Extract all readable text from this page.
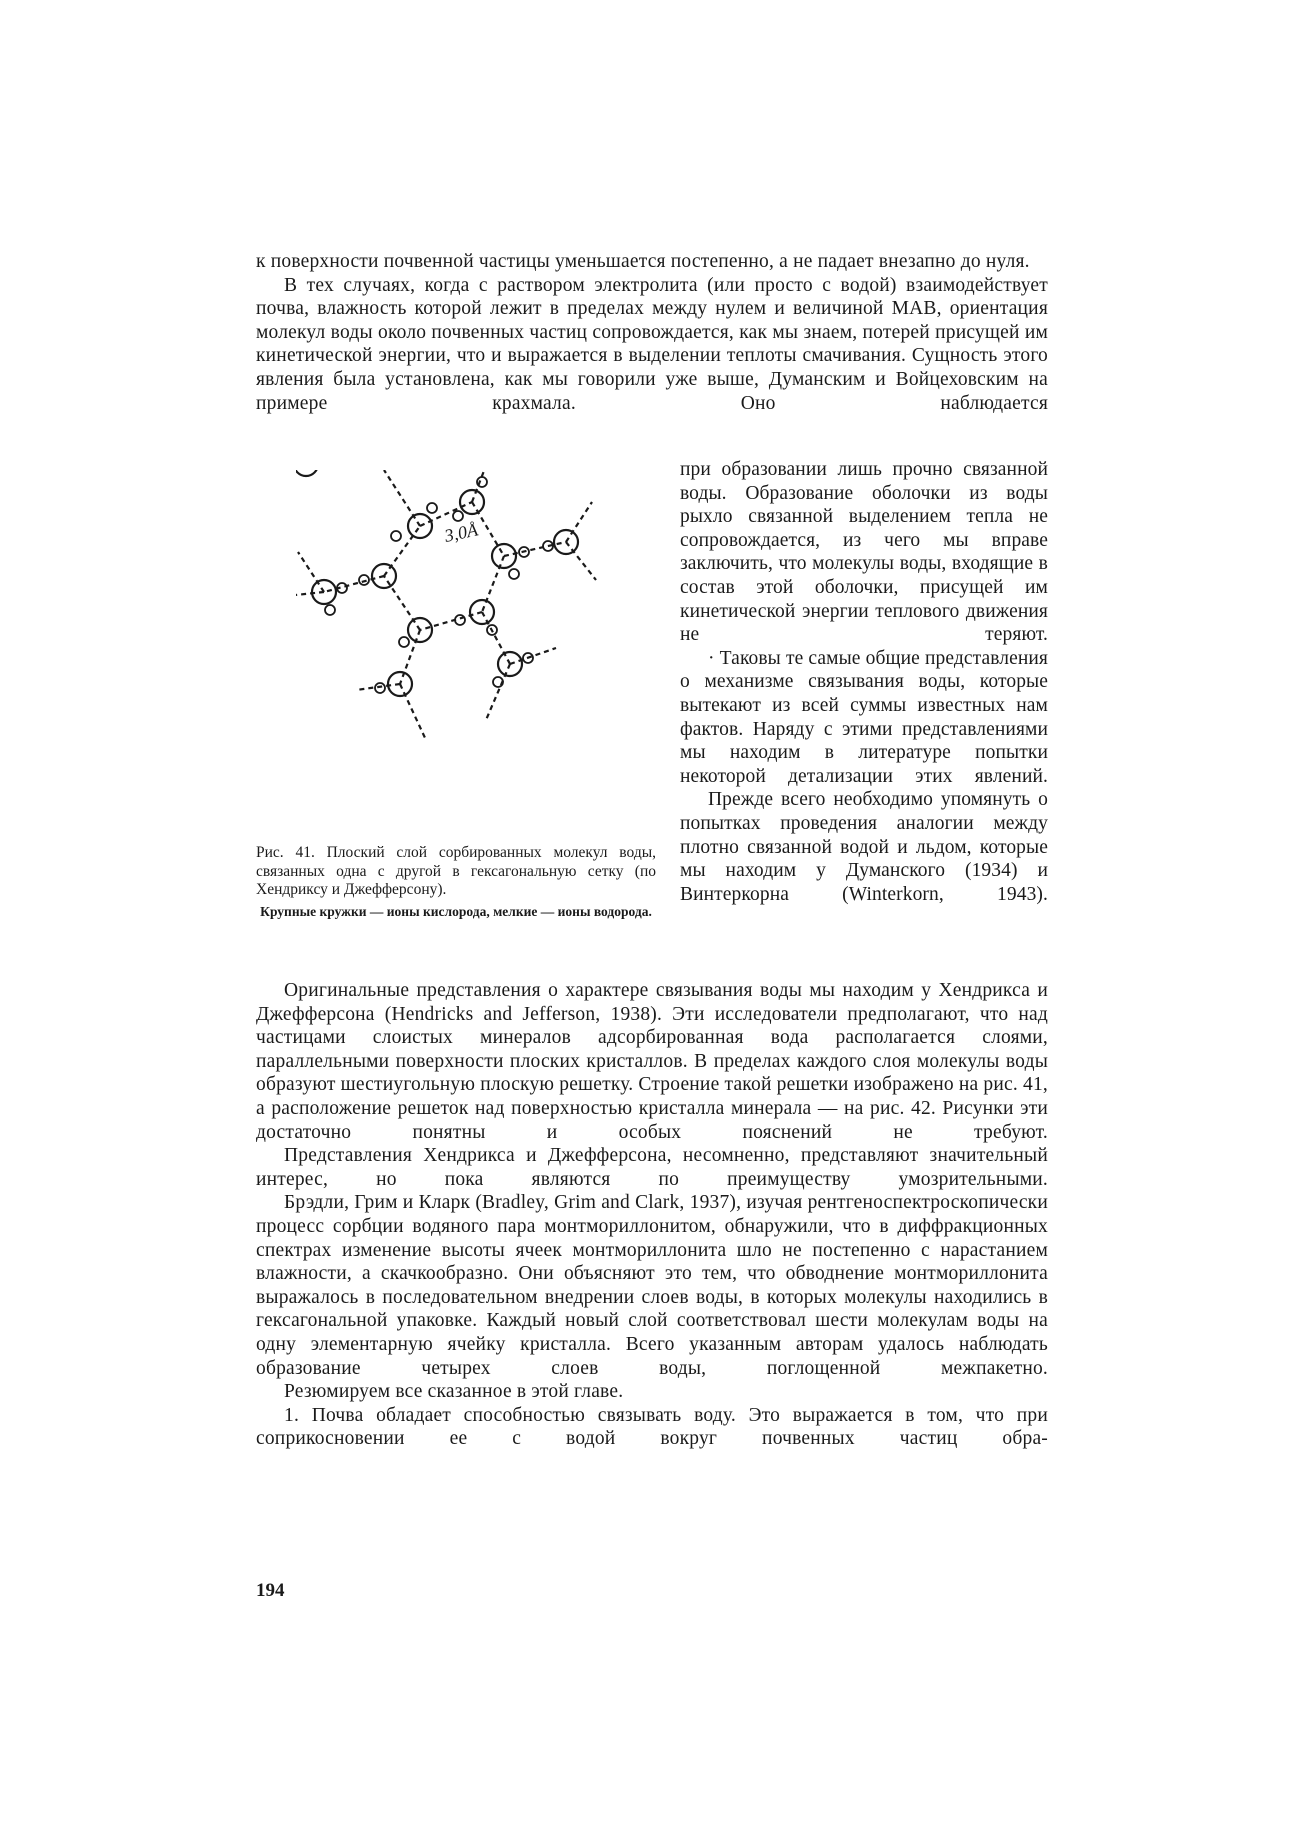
к поверхности почвенной частицы уменьшается постепенно, а не падает внезапно до нуля.

В тех случаях, когда с раствором электролита (или просто с водой) взаимодействует почва, влажность которой лежит в пределах между нулем и величиной МАВ, ориентация молекул воды около почвенных частиц сопровождается, как мы знаем, потерей присущей им кинетической энергии, что и выражается в выделении теплоты смачивания. Сущность этого явления была установлена, как мы говорили уже выше, Думанским и Войцеховским на примере крахмала. Оно наблюдается

3,0Å

при образовании лишь прочно связанной воды. Образование оболочки из воды рыхло связанной выделением тепла не сопровождается, из чего мы вправе заключить, что молекулы воды, входящие в состав этой оболочки, присущей им кинетической энергии теплового движения не теряют.

· Таковы те самые общие представления о механизме связывания воды, которые вытекают из всей суммы известных нам фактов. Наряду с этими представлениями мы находим в литературе попытки некоторой детализации этих явлений.

Прежде всего необходимо упомянуть о попытках проведения аналогии между плотно связанной водой и льдом, которые мы находим у Думанского (1934) и Винтеркорна (Winterkorn, 1943).

Рис. 41. Плоский слой сорбированных молекул воды, связанных одна с другой в гексагональную сетку (по Хендриксу и Джефферсону).

Крупные кружки — ионы кислорода, мелкие — ионы водорода.

Оригинальные представления о характере связывания воды мы находим у Хендрикса и Джефферсона (Hendricks and Jefferson, 1938). Эти исследователи предполагают, что над частицами слоистых минералов адсорбированная вода располагается слоями, параллельными поверхности плоских кристаллов. В пределах каждого слоя молекулы воды образуют шестиугольную плоскую решетку. Строение такой решетки изображено на рис. 41, а расположение решеток над поверхностью кристалла минерала — на рис. 42. Рисунки эти достаточно понятны и особых пояснений не требуют.

Представления Хендрикса и Джефферсона, несомненно, представляют значительный интерес, но пока являются по преимуществу умозрительными.

Брэдли, Грим и Кларк (Bradley, Grim and Clark, 1937), изучая рентгеноспектроскопически процесс сорбции водяного пара монтмориллонитом, обнаружили, что в диффракционных спектрах изменение высоты ячеек монтмориллонита шло не постепенно с нарастанием влажности, а скачкообразно. Они объясняют это тем, что обводнение монтмориллонита выражалось в последовательном внедрении слоев воды, в которых молекулы находились в гексагональной упаковке. Каждый новый слой соответствовал шести молекулам воды на одну элементарную ячейку кристалла. Всего указанным авторам удалось наблюдать образование четырех слоев воды, поглощенной межпакетно.

Резюмируем все сказанное в этой главе.

1. Почва обладает способностью связывать воду. Это выражается в том, что при соприкосновении ее с водой вокруг почвенных частиц обра-

194
